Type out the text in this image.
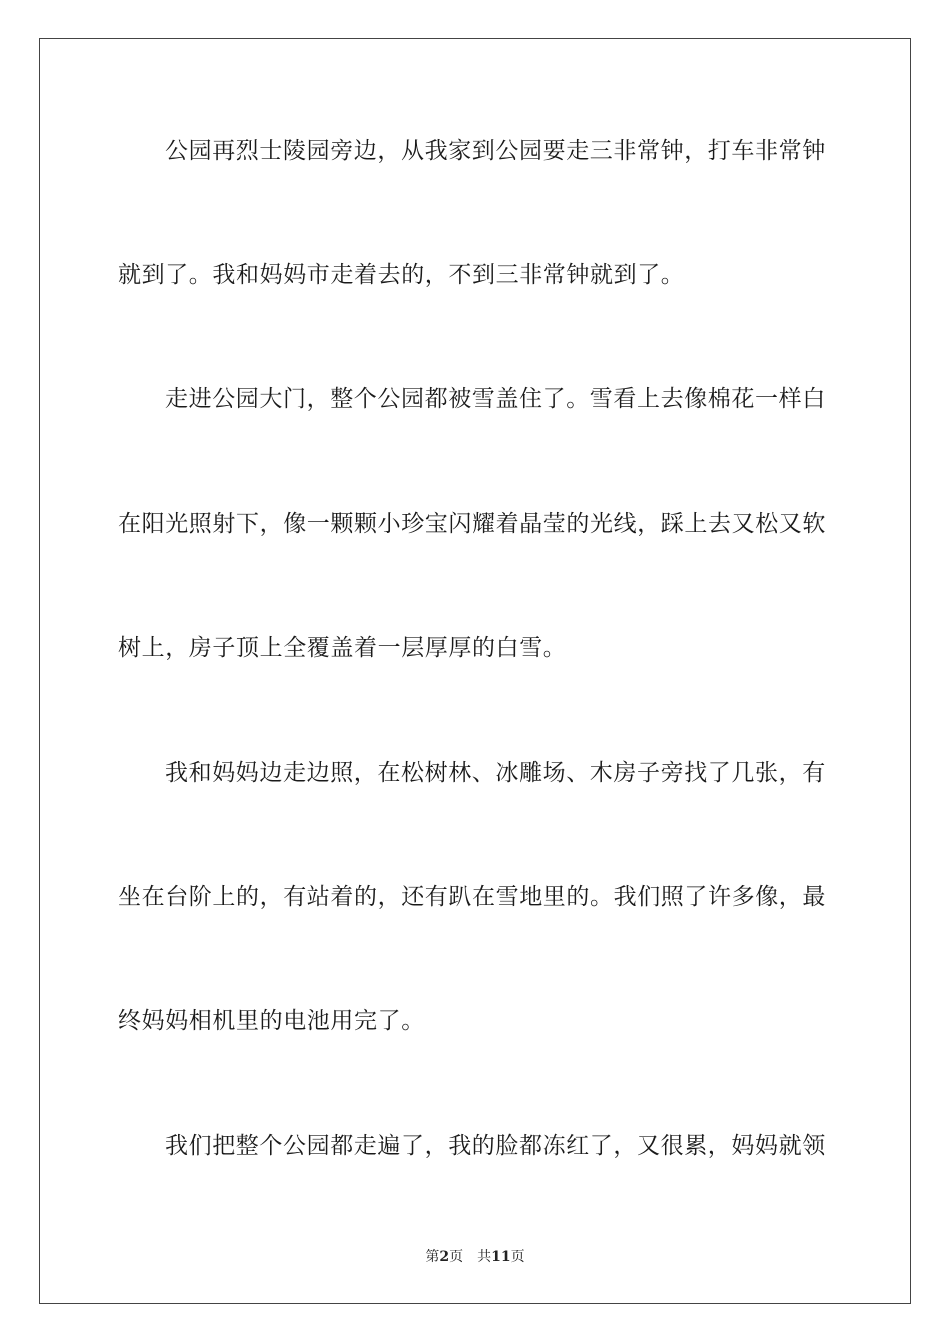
公园再烈士陵园旁边，从我家到公园要走三非常钟，打车非常钟
就到了。我和妈妈市走着去的，不到三非常钟就到了。
走进公园大门，整个公园都被雪盖住了。雪看上去像棉花一样白
在阳光照射下，像一颗颗小珍宝闪耀着晶莹的光线，踩上去又松又软
树上，房子顶上全覆盖着一层厚厚的白雪。
我和妈妈边走边照，在松树林、冰雕场、木房子旁找了几张，有
坐在台阶上的，有站着的，还有趴在雪地里的。我们照了许多像，最
终妈妈相机里的电池用完了。
我们把整个公园都走遍了，我的脸都冻红了，又很累，妈妈就领
第2页 共11页
